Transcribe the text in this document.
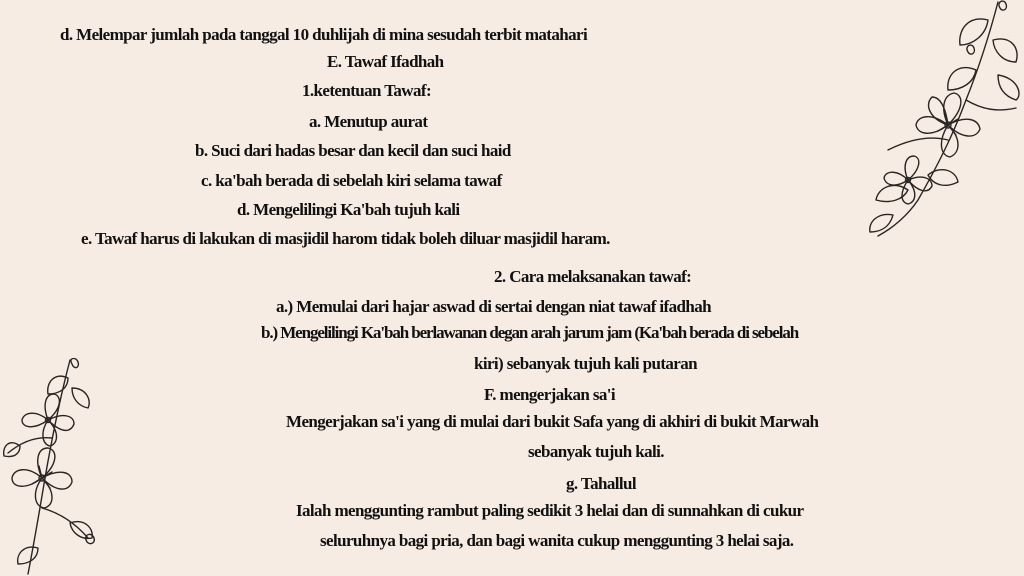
d. Melempar jumlah pada tanggal 10 duhlijah di mina sesudah terbit matahari
E. Tawaf Ifadhah
1.ketentuan Tawaf:
a. Menutup aurat
b. Suci dari hadas besar dan kecil dan suci haid
c. ka'bah berada di sebelah kiri selama tawaf
d. Mengelilingi Ka'bah tujuh kali
e. Tawaf harus di lakukan di masjidil harom tidak boleh diluar masjidil haram.
2. Cara melaksanakan tawaf:
a.) Memulai dari hajar aswad di sertai dengan niat tawaf ifadhah
b.) Mengelilingi Ka'bah berlawanan degan arah jarum jam (Ka'bah berada di sebelah
kiri) sebanyak tujuh kali putaran
F. mengerjakan sa'i
Mengerjakan sa'i yang di mulai dari bukit Safa yang di akhiri di bukit Marwah
sebanyak tujuh kali.
g. Tahallul
Ialah menggunting rambut paling sedikit 3 helai dan di sunnahkan di cukur
seluruhnya bagi pria, dan bagi wanita cukup menggunting 3 helai saja.
